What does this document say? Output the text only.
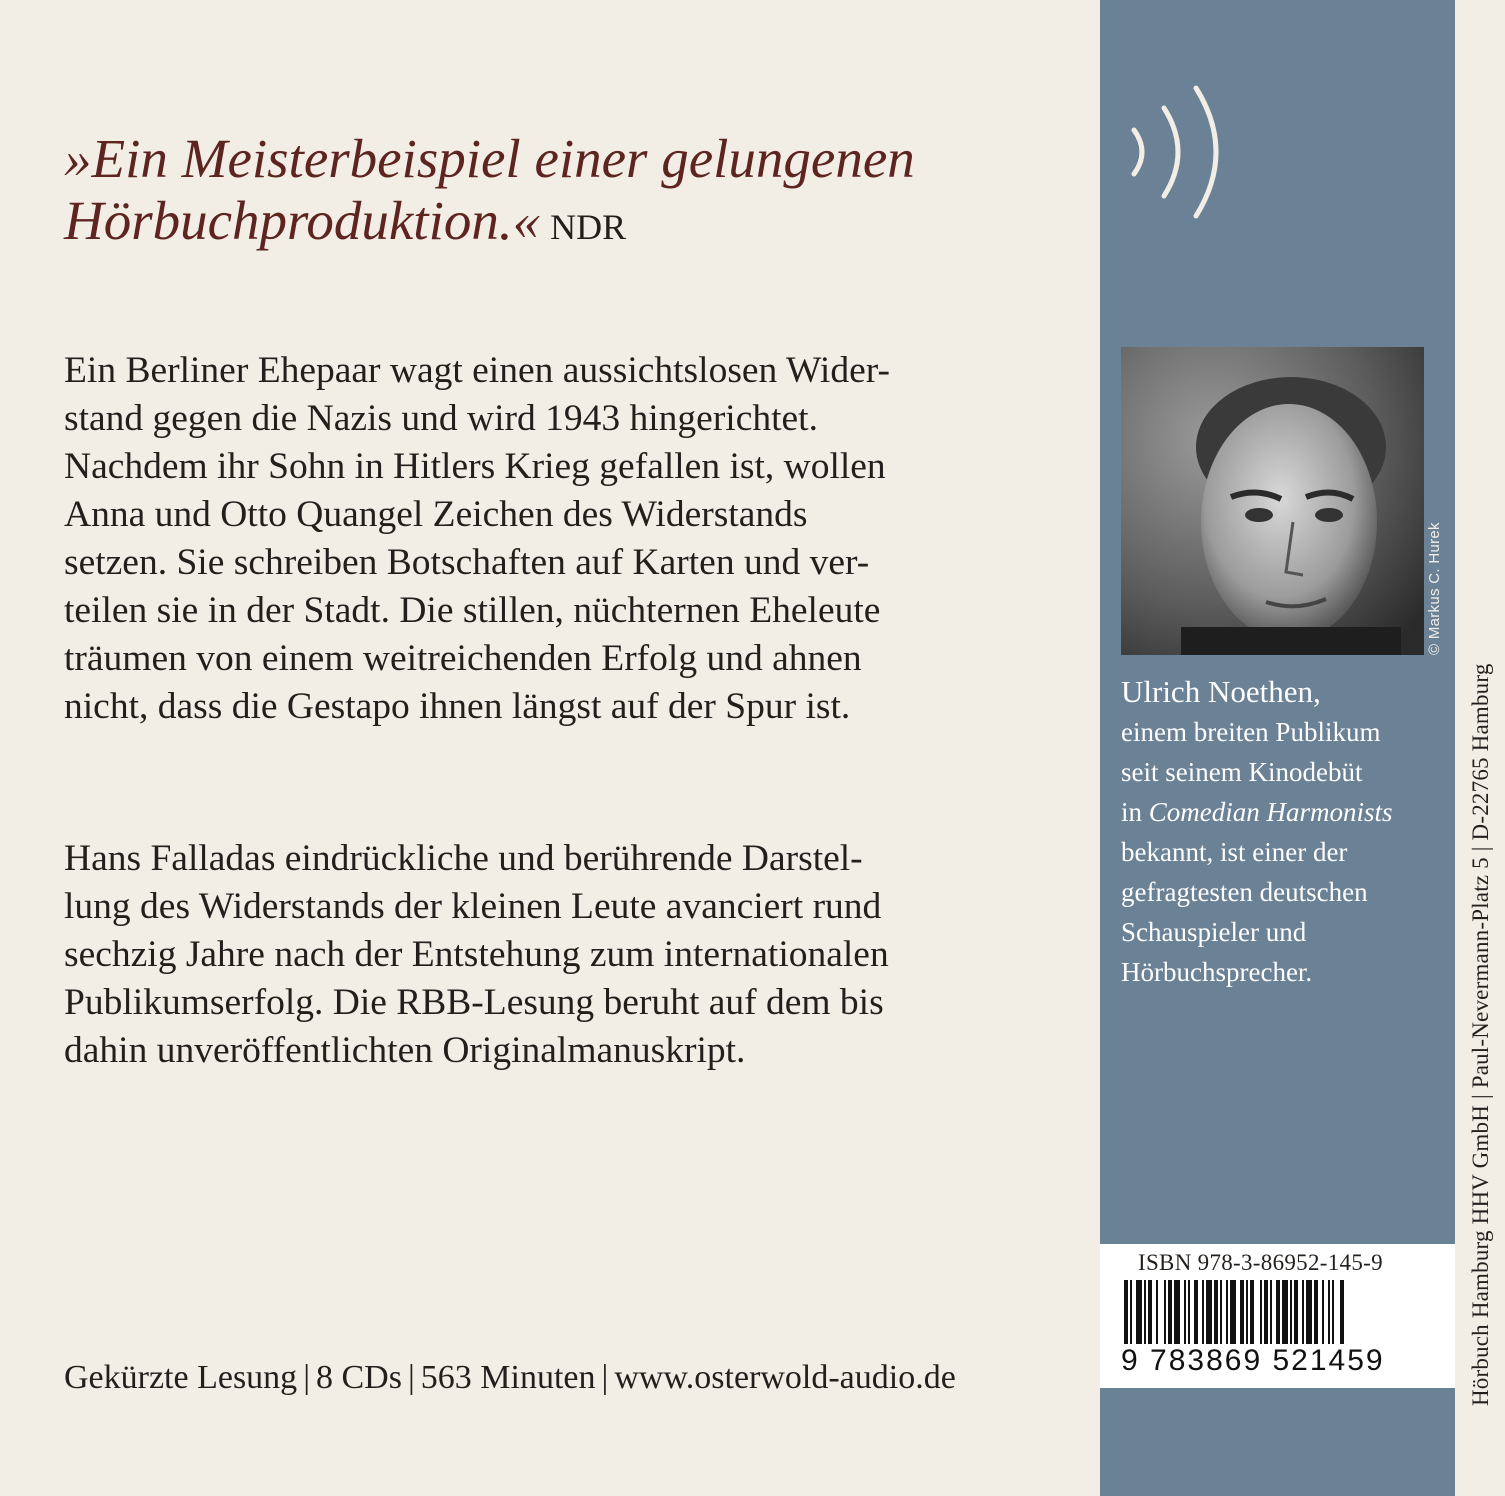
»Ein Meisterbeispiel einer gelungenen
Hörbuchproduktion.« NDR
Ein Berliner Ehepaar wagt einen aussichtslosen Wider-
stand gegen die Nazis und wird 1943 hingerichtet.
Nachdem ihr Sohn in Hitlers Krieg gefallen ist, wollen
Anna und Otto Quangel Zeichen des Widerstands
setzen. Sie schreiben Botschaften auf Karten und ver-
teilen sie in der Stadt. Die stillen, nüchternen Eheleute
träumen von einem weitreichenden Erfolg und ahnen
nicht, dass die Gestapo ihnen längst auf der Spur ist.
Hans Falladas eindrückliche und berührende Darstel-
lung des Widerstands der kleinen Leute avanciert rund
sechzig Jahre nach der Entstehung zum internationalen
Publikumserfolg. Die RBB-Lesung beruht auf dem bis
dahin unveröffentlichten Originalmanuskript.
Gekürzte Lesung | 8 CDs | 563 Minuten | www.osterwold-audio.de
© Markus C. Hurek
Ulrich Noethen,
einem breiten Publikum
seit seinem Kinodebüt
in Comedian Harmonists
bekannt, ist einer der
gefragtesten deutschen
Schauspieler und
Hörbuchsprecher.
ISBN 978-3-86952-145-9
9 783869 521459	Hörbuch Hamburg HHV GmbH | Paul-Nevermann-Platz 5 | D-22765 Hamburg
